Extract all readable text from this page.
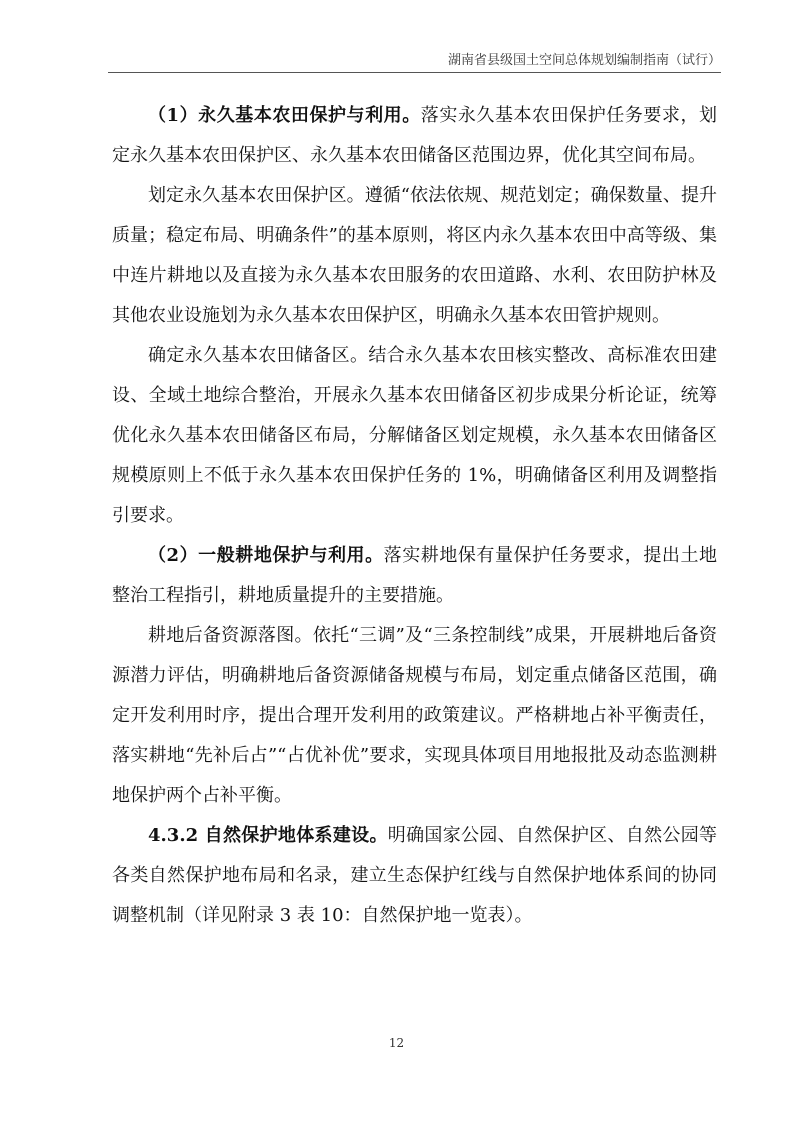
湖南省县级国土空间总体规划编制指南（试行）

（1）永久基本农田保护与利用。落实永久基本农田保护任务要求，划定永久基本农田保护区、永久基本农田储备区范围边界，优化其空间布局。

划定永久基本农田保护区。遵循“依法依规、规范划定；确保数量、提升质量；稳定布局、明确条件”的基本原则，将区内永久基本农田中高等级、集中连片耕地以及直接为永久基本农田服务的农田道路、水利、农田防护林及其他农业设施划为永久基本农田保护区，明确永久基本农田管护规则。

确定永久基本农田储备区。结合永久基本农田核实整改、高标准农田建设、全域土地综合整治，开展永久基本农田储备区初步成果分析论证，统筹优化永久基本农田储备区布局，分解储备区划定规模，永久基本农田储备区规模原则上不低于永久基本农田保护任务的 1%，明确储备区利用及调整指引要求。

（2）一般耕地保护与利用。落实耕地保有量保护任务要求，提出土地整治工程指引，耕地质量提升的主要措施。

耕地后备资源落图。依托“三调”及“三条控制线”成果，开展耕地后备资源潜力评估，明确耕地后备资源储备规模与布局，划定重点储备区范围，确定开发利用时序，提出合理开发利用的政策建议。严格耕地占补平衡责任，落实耕地“先补后占”“占优补优”要求，实现具体项目用地报批及动态监测耕地保护两个占补平衡。

4.3.2 自然保护地体系建设。明确国家公园、自然保护区、自然公园等各类自然保护地布局和名录，建立生态保护红线与自然保护地体系间的协同调整机制（详见附录 3 表 10：自然保护地一览表）。

12
